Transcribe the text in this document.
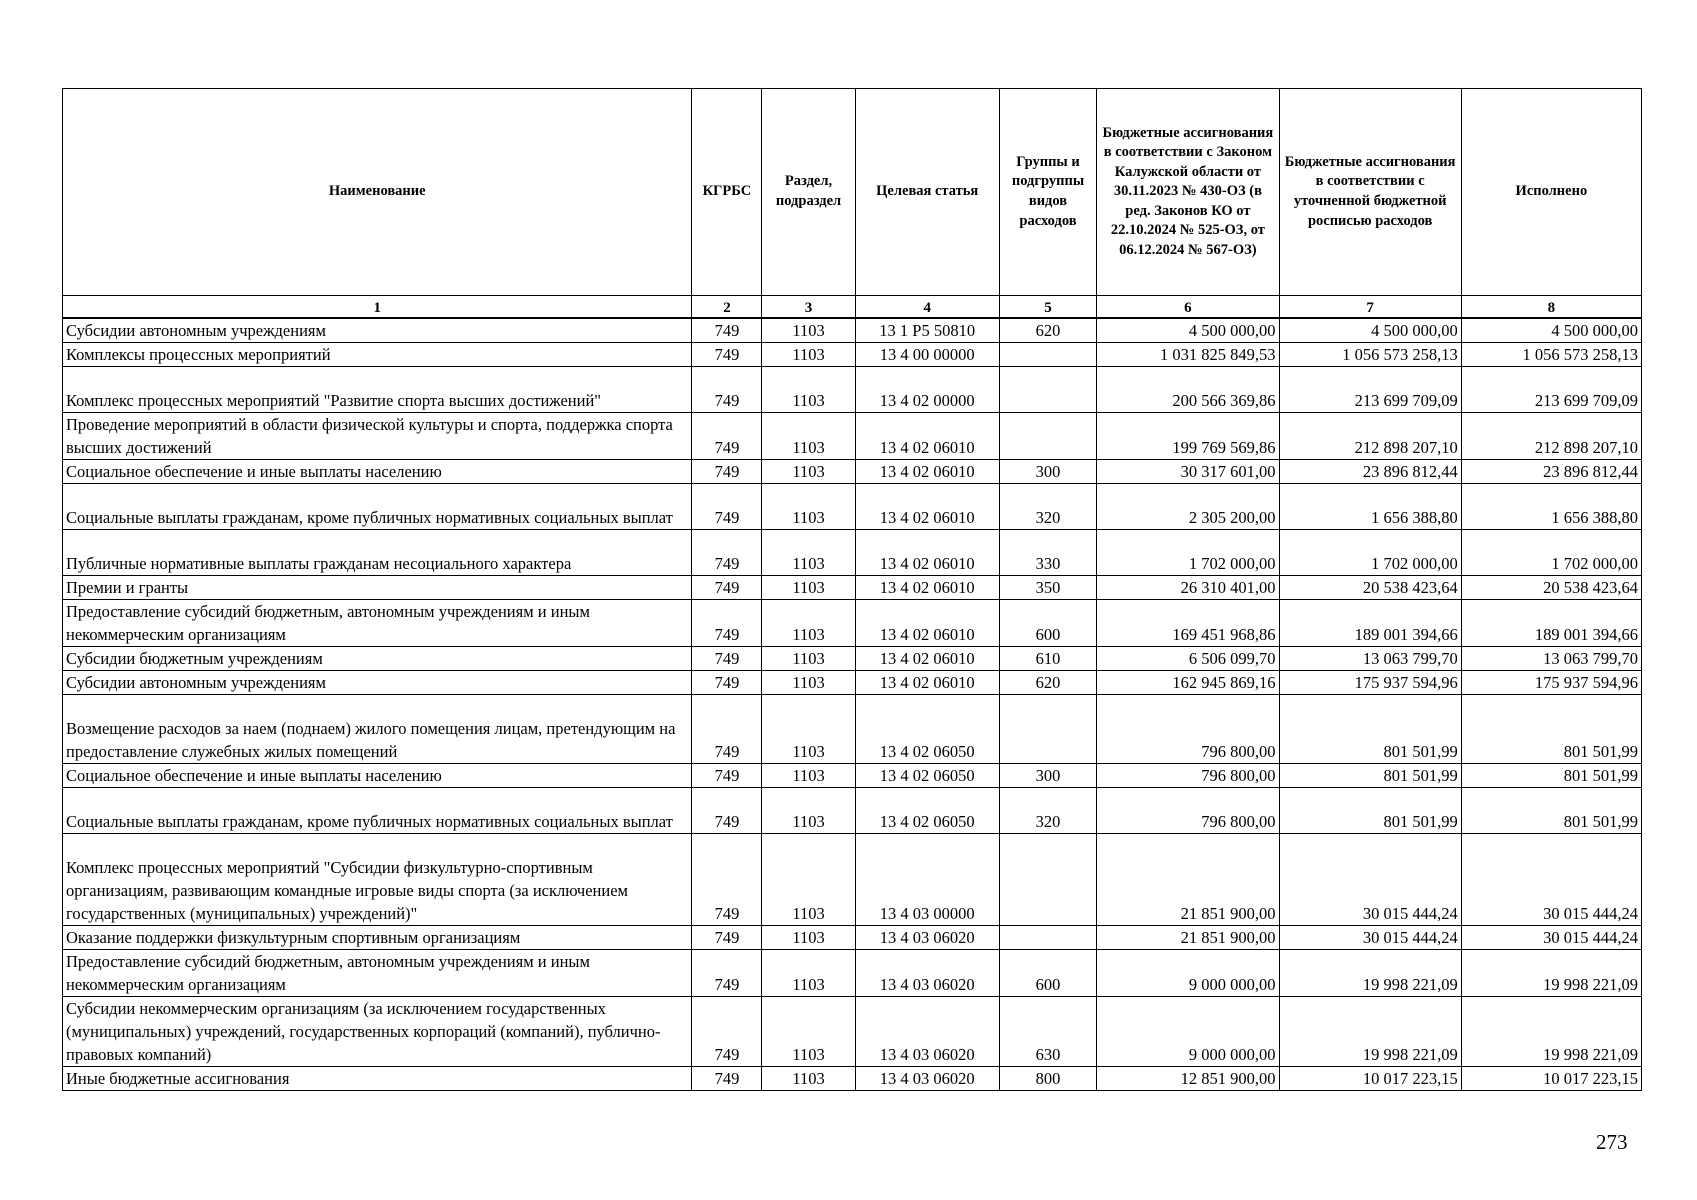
Наименование	КГРБС	Раздел, подраздел	Целевая статья	Группы и подгруппы видов расходов	Бюджетные ассигнования в соответствии с Законом Калужской области от 30.11.2023 № 430-ОЗ (в ред. Законов КО от 22.10.2024 № 525-ОЗ, от 06.12.2024 № 567-ОЗ)	Бюджетные ассигнования в соответствии с уточненной бюджетной росписью расходов	Исполнено
1	2	3	4	5	6	7	8
Субсидии автономным учреждениям	749	1103	13 1 Р5 50810	620	4 500 000,00	4 500 000,00	4 500 000,00
Комплексы процессных мероприятий	749	1103	13 4 00 00000		1 031 825 849,53	1 056 573 258,13	1 056 573 258,13
Комплекс процессных мероприятий "Развитие спорта высших достижений"	749	1103	13 4 02 00000		200 566 369,86	213 699 709,09	213 699 709,09
Проведение мероприятий в области физической культуры и спорта, поддержка спорта высших достижений	749	1103	13 4 02 06010		199 769 569,86	212 898 207,10	212 898 207,10
Социальное обеспечение и иные выплаты населению	749	1103	13 4 02 06010	300	30 317 601,00	23 896 812,44	23 896 812,44
Социальные выплаты гражданам, кроме публичных нормативных социальных выплат	749	1103	13 4 02 06010	320	2 305 200,00	1 656 388,80	1 656 388,80
Публичные нормативные выплаты гражданам несоциального характера	749	1103	13 4 02 06010	330	1 702 000,00	1 702 000,00	1 702 000,00
Премии и гранты	749	1103	13 4 02 06010	350	26 310 401,00	20 538 423,64	20 538 423,64
Предоставление субсидий бюджетным, автономным учреждениям и иным некоммерческим организациям	749	1103	13 4 02 06010	600	169 451 968,86	189 001 394,66	189 001 394,66
Субсидии бюджетным учреждениям	749	1103	13 4 02 06010	610	6 506 099,70	13 063 799,70	13 063 799,70
Субсидии автономным учреждениям	749	1103	13 4 02 06010	620	162 945 869,16	175 937 594,96	175 937 594,96
Возмещение расходов за наем (поднаем) жилого помещения лицам, претендующим на предоставление служебных жилых помещений	749	1103	13 4 02 06050		796 800,00	801 501,99	801 501,99
Социальное обеспечение и иные выплаты населению	749	1103	13 4 02 06050	300	796 800,00	801 501,99	801 501,99
Социальные выплаты гражданам, кроме публичных нормативных социальных выплат	749	1103	13 4 02 06050	320	796 800,00	801 501,99	801 501,99
Комплекс процессных мероприятий "Субсидии физкультурно-спортивным организациям, развивающим командные игровые виды спорта (за исключением государственных (муниципальных) учреждений)"	749	1103	13 4 03 00000		21 851 900,00	30 015 444,24	30 015 444,24
Оказание поддержки физкультурным спортивным организациям	749	1103	13 4 03 06020		21 851 900,00	30 015 444,24	30 015 444,24
Предоставление субсидий бюджетным, автономным учреждениям и иным некоммерческим организациям	749	1103	13 4 03 06020	600	9 000 000,00	19 998 221,09	19 998 221,09
Субсидии некоммерческим организациям (за исключением государственных (муниципальных) учреждений, государственных корпораций (компаний), публично-правовых компаний)	749	1103	13 4 03 06020	630	9 000 000,00	19 998 221,09	19 998 221,09
Иные бюджетные ассигнования	749	1103	13 4 03 06020	800	12 851 900,00	10 017 223,15	10 017 223,15
273
